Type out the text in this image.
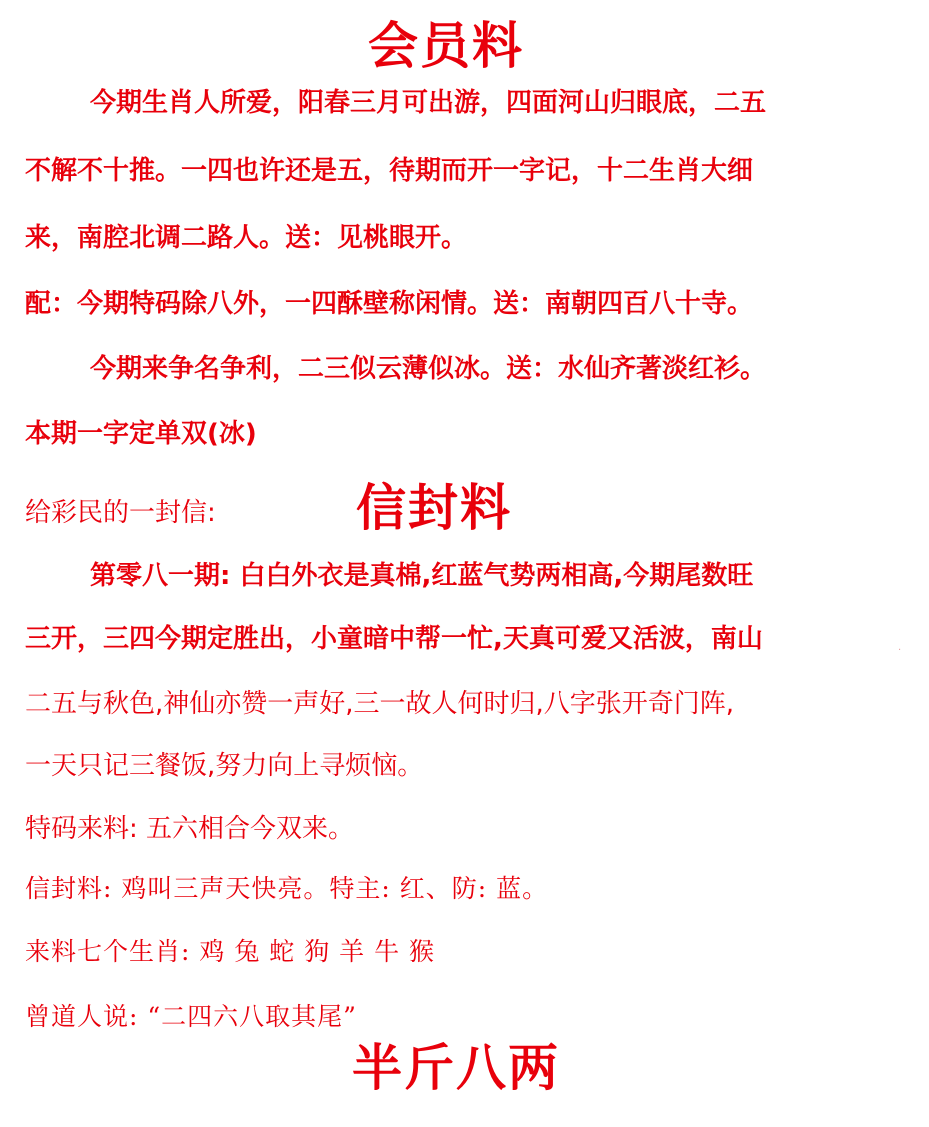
会员料
今期生肖人所爱，阳春三月可出游，四面河山归眼底，二五
不解不十推。一四也许还是五，待期而开一字记，十二生肖大细
来，南腔北调二路人。送：见桃眼开。
配：今期特码除八外，一四酥壁称闲情。送：南朝四百八十寺。
今期来争名争利，二三似云薄似冰。送：水仙齐著淡红衫。
本期一字定单双(冰)
给彩民的一封信:	信封料
第零八一期: 白白外衣是真棉,红蓝气势两相高,今期尾数旺
三开，三四今期定胜出，小童暗中帮一忙,天真可爱又活波，南山	·
二五与秋色,神仙亦赞一声好,三一故人何时归,八字张开奇门阵,
一天只记三餐饭,努力向上寻烦恼。
特码来料: 五六相合今双来。
信封料: 鸡叫三声天快亮。特主: 红、防: 蓝。
来料七个生肖: 鸡 兔 蛇 狗 羊 牛 猴
曾道人说: “二四六八取其尾”
半斤八两
